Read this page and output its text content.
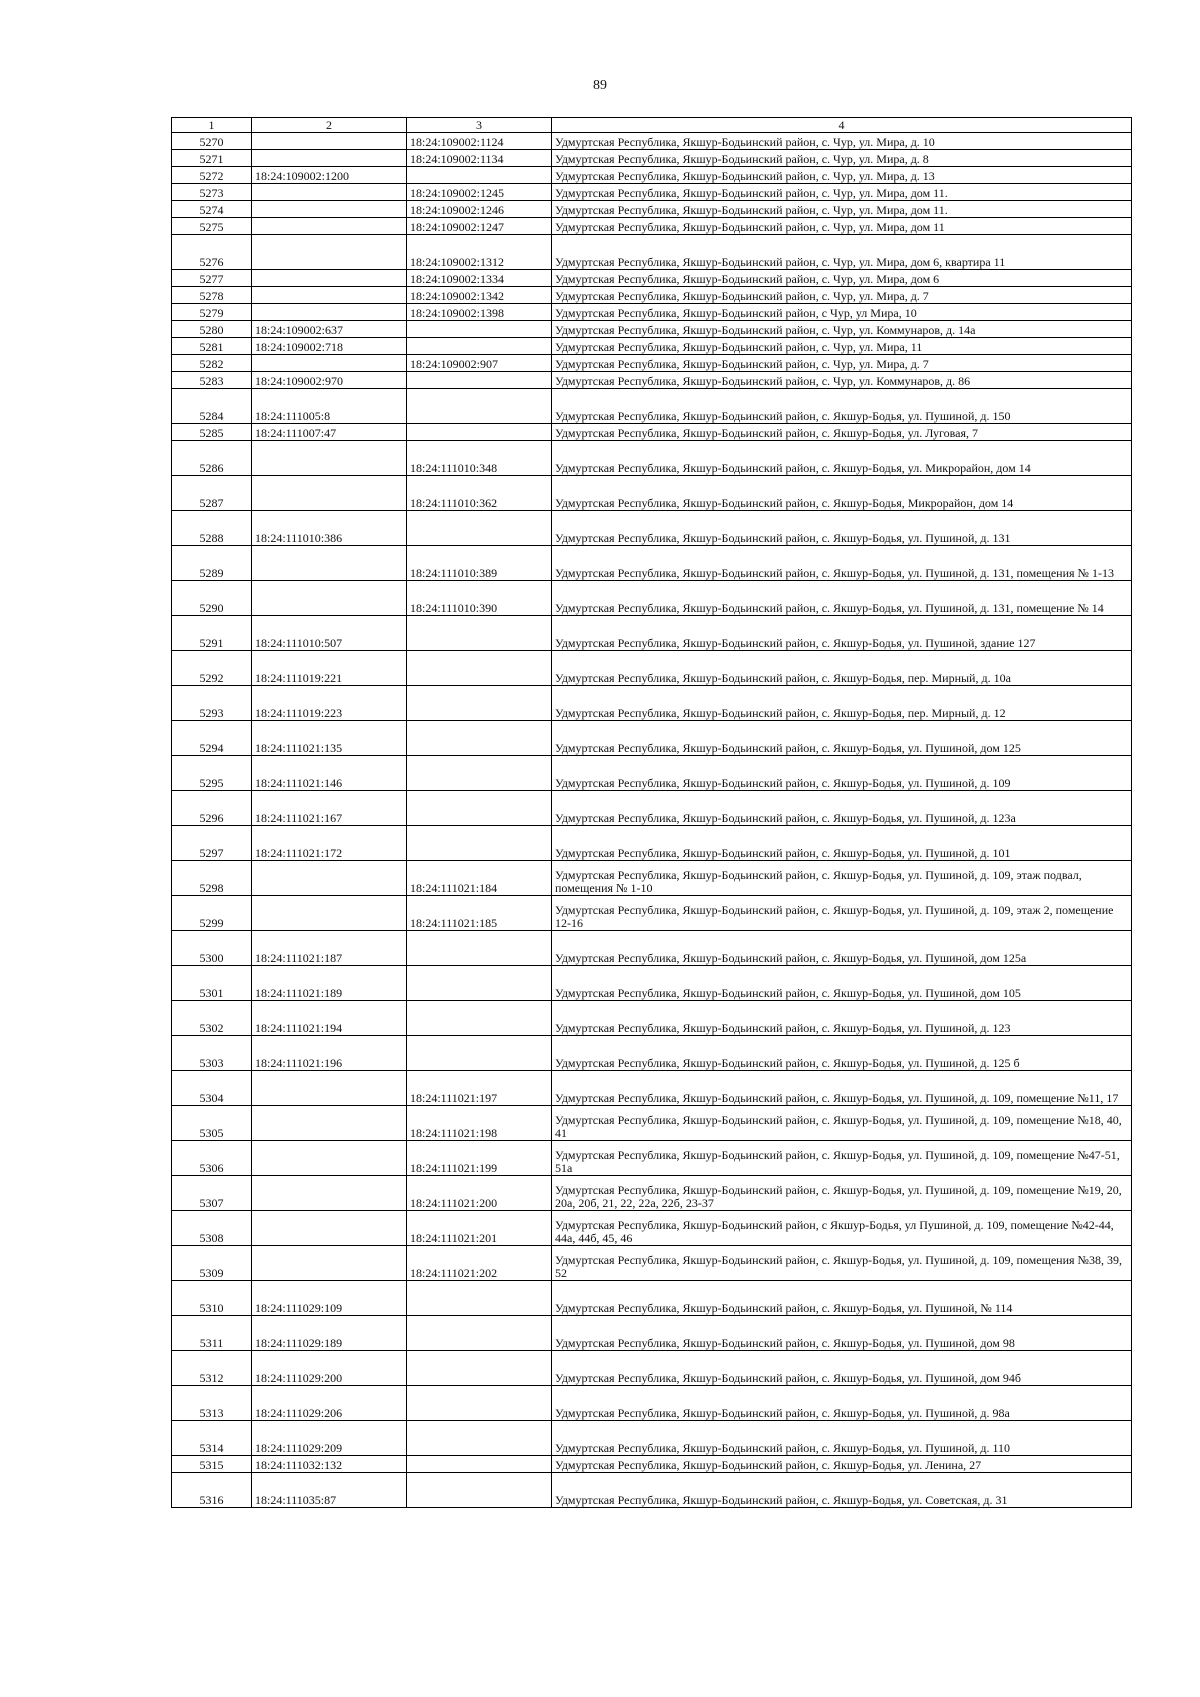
89
1	2	3	4
5270		18:24:109002:1124	Удмуртская Республика, Якшур-Бодьинский район, с. Чур, ул. Мира, д. 10
5271		18:24:109002:1134	Удмуртская Республика, Якшур-Бодьинский район, с. Чур, ул. Мира, д. 8
5272	18:24:109002:1200		Удмуртская Республика, Якшур-Бодьинский район, с. Чур, ул. Мира, д. 13
5273		18:24:109002:1245	Удмуртская Республика, Якшур-Бодьинский район, с. Чур, ул. Мира, дом 11.
5274		18:24:109002:1246	Удмуртская Республика, Якшур-Бодьинский район, с. Чур, ул. Мира, дом 11.
5275		18:24:109002:1247	Удмуртская Республика, Якшур-Бодьинский район, с. Чур, ул. Мира, дом 11
5276		18:24:109002:1312	Удмуртская Республика, Якшур-Бодьинский район, с. Чур, ул. Мира, дом 6, квартира 11
5277		18:24:109002:1334	Удмуртская Республика, Якшур-Бодьинский район, с. Чур, ул. Мира, дом 6
5278		18:24:109002:1342	Удмуртская Республика, Якшур-Бодьинский район, с. Чур, ул. Мира, д. 7
5279		18:24:109002:1398	Удмуртская Республика, Якшур-Бодьинский район, с Чур, ул Мира, 10
5280	18:24:109002:637		Удмуртская Республика, Якшур-Бодьинский район, с. Чур, ул. Коммунаров, д. 14а
5281	18:24:109002:718		Удмуртская Республика, Якшур-Бодьинский район, с. Чур, ул. Мира, 11
5282		18:24:109002:907	Удмуртская Республика, Якшур-Бодьинский район, с. Чур, ул. Мира, д. 7
5283	18:24:109002:970		Удмуртская Республика, Якшур-Бодьинский район, с. Чур, ул. Коммунаров, д. 86
5284	18:24:111005:8		Удмуртская Республика, Якшур-Бодьинский район, с. Якшур-Бодья, ул. Пушиной, д. 150
5285	18:24:111007:47		Удмуртская Республика, Якшур-Бодьинский район, с. Якшур-Бодья, ул. Луговая, 7
5286		18:24:111010:348	Удмуртская Республика, Якшур-Бодьинский район, с. Якшур-Бодья, ул. Микрорайон, дом 14
5287		18:24:111010:362	Удмуртская Республика, Якшур-Бодьинский район, с. Якшур-Бодья, Микрорайон, дом 14
5288	18:24:111010:386		Удмуртская Республика, Якшур-Бодьинский район, с. Якшур-Бодья, ул. Пушиной, д. 131
5289		18:24:111010:389	Удмуртская Республика, Якшур-Бодьинский район, с. Якшур-Бодья, ул. Пушиной, д. 131, помещения № 1-13
5290		18:24:111010:390	Удмуртская Республика, Якшур-Бодьинский район, с. Якшур-Бодья, ул. Пушиной, д. 131, помещение № 14
5291	18:24:111010:507		Удмуртская Республика, Якшур-Бодьинский район, с. Якшур-Бодья, ул. Пушиной, здание 127
5292	18:24:111019:221		Удмуртская Республика, Якшур-Бодьинский район, с. Якшур-Бодья, пер. Мирный, д. 10а
5293	18:24:111019:223		Удмуртская Республика, Якшур-Бодьинский район, с. Якшур-Бодья, пер. Мирный, д. 12
5294	18:24:111021:135		Удмуртская Республика, Якшур-Бодьинский район, с. Якшур-Бодья, ул. Пушиной, дом 125
5295	18:24:111021:146		Удмуртская Республика, Якшур-Бодьинский район, с. Якшур-Бодья, ул. Пушиной, д. 109
5296	18:24:111021:167		Удмуртская Республика, Якшур-Бодьинский район, с. Якшур-Бодья, ул. Пушиной, д. 123а
5297	18:24:111021:172		Удмуртская Республика, Якшур-Бодьинский район, с. Якшур-Бодья, ул. Пушиной, д. 101
5298		18:24:111021:184	Удмуртская Республика, Якшур-Бодьинский район, с. Якшур-Бодья, ул. Пушиной, д. 109, этаж подвал, помещения № 1-10
5299		18:24:111021:185	Удмуртская Республика, Якшур-Бодьинский район, с. Якшур-Бодья, ул. Пушиной, д. 109, этаж 2, помещение 12-16
5300	18:24:111021:187		Удмуртская Республика, Якшур-Бодьинский район, с. Якшур-Бодья, ул. Пушиной, дом 125а
5301	18:24:111021:189		Удмуртская Республика, Якшур-Бодьинский район, с. Якшур-Бодья, ул. Пушиной, дом 105
5302	18:24:111021:194		Удмуртская Республика, Якшур-Бодьинский район, с. Якшур-Бодья, ул. Пушиной, д. 123
5303	18:24:111021:196		Удмуртская Республика, Якшур-Бодьинский район, с. Якшур-Бодья, ул. Пушиной, д. 125 б
5304		18:24:111021:197	Удмуртская Республика, Якшур-Бодьинский район, с. Якшур-Бодья, ул. Пушиной, д. 109, помещение №11, 17
5305		18:24:111021:198	Удмуртская Республика, Якшур-Бодьинский район, с. Якшур-Бодья, ул. Пушиной, д. 109, помещение №18, 40, 41
5306		18:24:111021:199	Удмуртская Республика, Якшур-Бодьинский район, с. Якшур-Бодья, ул. Пушиной, д. 109, помещение №47-51, 51а
5307		18:24:111021:200	Удмуртская Республика, Якшур-Бодьинский район, с. Якшур-Бодья, ул. Пушиной, д. 109, помещение №19, 20, 20а, 20б, 21, 22, 22а, 22б, 23-37
5308		18:24:111021:201	Удмуртская Республика, Якшур-Бодьинский район, с Якшур-Бодья, ул Пушиной, д. 109, помещение №42-44, 44а, 44б, 45, 46
5309		18:24:111021:202	Удмуртская Республика, Якшур-Бодьинский район, с. Якшур-Бодья, ул. Пушиной, д. 109, помещения №38, 39, 52
5310	18:24:111029:109		Удмуртская Республика, Якшур-Бодьинский район, с. Якшур-Бодья, ул. Пушиной, № 114
5311	18:24:111029:189		Удмуртская Республика, Якшур-Бодьинский район, с. Якшур-Бодья, ул. Пушиной, дом 98
5312	18:24:111029:200		Удмуртская Республика, Якшур-Бодьинский район, с. Якшур-Бодья, ул. Пушиной, дом 94б
5313	18:24:111029:206		Удмуртская Республика, Якшур-Бодьинский район, с. Якшур-Бодья, ул. Пушиной, д. 98а
5314	18:24:111029:209		Удмуртская Республика, Якшур-Бодьинский район, с. Якшур-Бодья, ул. Пушиной, д. 110
5315	18:24:111032:132		Удмуртская Республика, Якшур-Бодьинский район, с. Якшур-Бодья, ул. Ленина, 27
5316	18:24:111035:87		Удмуртская Республика, Якшур-Бодьинский район, с. Якшур-Бодья, ул. Советская, д. 31
